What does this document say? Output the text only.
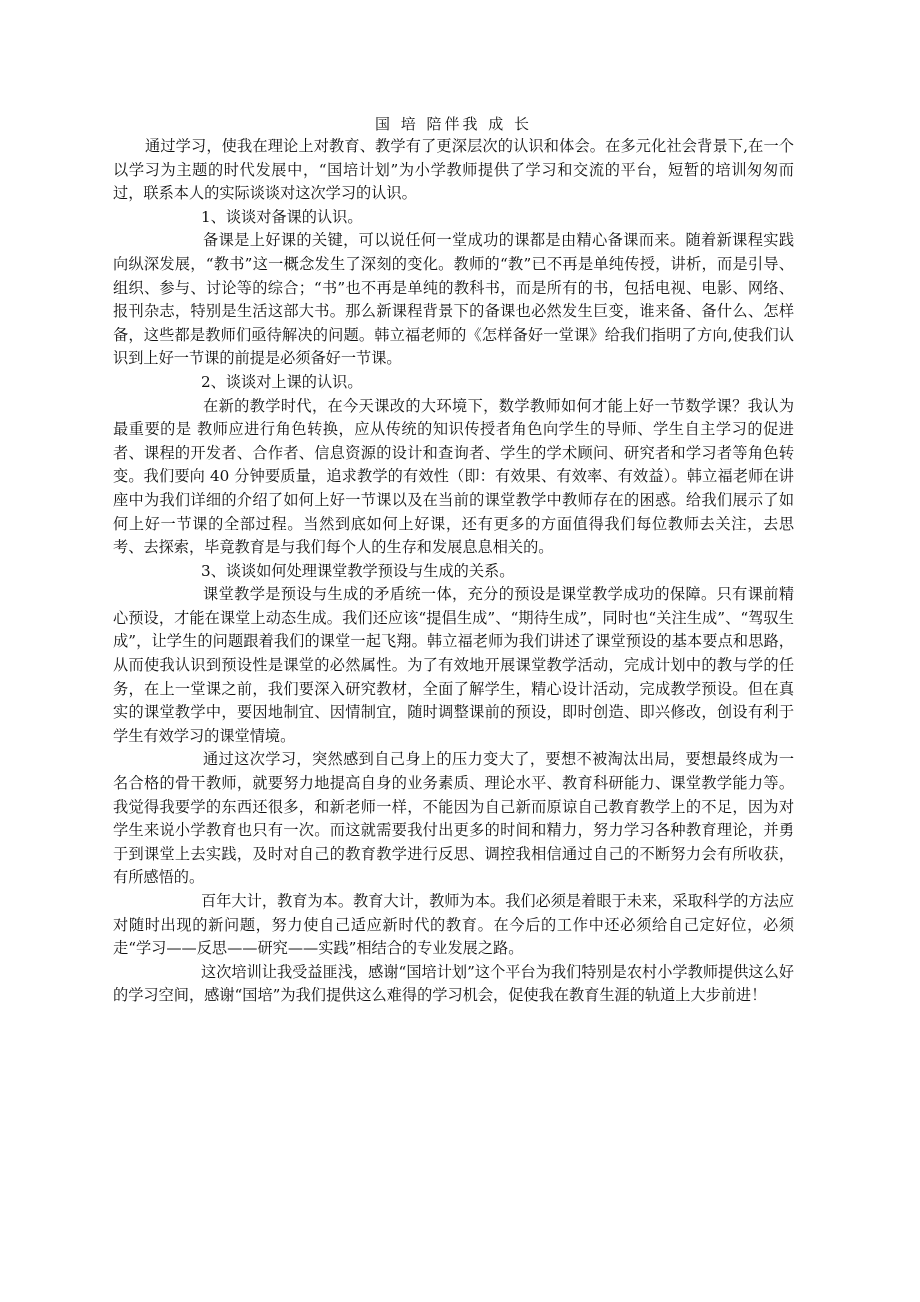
国 培 陪伴我 成 长

通过学习，使我在理论上对教育、教学有了更深层次的认识和体会。在多元化社会背景下,在一个以学习为主题的时代发展中，“国培计划”为小学教师提供了学习和交流的平台，短暂的培训匆匆而过，联系本人的实际谈谈对这次学习的认识。

1、谈谈对备课的认识。

备课是上好课的关键，可以说任何一堂成功的课都是由精心备课而来。随着新课程实践向纵深发展，“教书”这一概念发生了深刻的变化。教师的“教”已不再是单纯传授，讲析，而是引导、组织、参与、讨论等的综合；“书”也不再是单纯的教科书，而是所有的书，包括电视、电影、网络、报刊杂志，特别是生活这部大书。那么新课程背景下的备课也必然发生巨变，谁来备、备什么、怎样备，这些都是教师们亟待解决的问题。韩立福老师的《怎样备好一堂课》给我们指明了方向,使我们认识到上好一节课的前提是必须备好一节课。

2、谈谈对上课的认识。

在新的教学时代，在今天课改的大环境下，数学教师如何才能上好一节数学课？我认为最重要的是 教师应进行角色转换，应从传统的知识传授者角色向学生的导师、学生自主学习的促进者、课程的开发者、合作者、信息资源的设计和查询者、学生的学术顾问、研究者和学习者等角色转变。我们要向 40 分钟要质量，追求教学的有效性（即：有效果、有效率、有效益）。韩立福老师在讲座中为我们详细的介绍了如何上好一节课以及在当前的课堂教学中教师存在的困惑。给我们展示了如何上好一节课的全部过程。当然到底如何上好课，还有更多的方面值得我们每位教师去关注，去思考、去探索，毕竟教育是与我们每个人的生存和发展息息相关的。

3、谈谈如何处理课堂教学预设与生成的关系。

课堂教学是预设与生成的矛盾统一体，充分的预设是课堂教学成功的保障。只有课前精心预设，才能在课堂上动态生成。我们还应该“提倡生成”、“期待生成”，同时也“关注生成”、“驾驭生成”，让学生的问题跟着我们的课堂一起飞翔。韩立福老师为我们讲述了课堂预设的基本要点和思路，从而使我认识到预设性是课堂的必然属性。为了有效地开展课堂教学活动，完成计划中的教与学的任务，在上一堂课之前，我们要深入研究教材，全面了解学生，精心设计活动，完成教学预设。但在真实的课堂教学中，要因地制宜、因情制宜，随时调整课前的预设，即时创造、即兴修改，创设有利于学生有效学习的课堂情境。

通过这次学习，突然感到自己身上的压力变大了，要想不被淘汰出局，要想最终成为一名合格的骨干教师，就要努力地提高自身的业务素质、理论水平、教育科研能力、课堂教学能力等。我觉得我要学的东西还很多，和新老师一样，不能因为自己新而原谅自己教育教学上的不足，因为对学生来说小学教育也只有一次。而这就需要我付出更多的时间和精力，努力学习各种教育理论，并勇于到课堂上去实践，及时对自己的教育教学进行反思、调控我相信通过自己的不断努力会有所收获，有所感悟的。

百年大计，教育为本。教育大计，教师为本。我们必须是着眼于未来，采取科学的方法应对随时出现的新问题，努力使自己适应新时代的教育。在今后的工作中还必须给自己定好位，必须走“学习——反思——研究——实践”相结合的专业发展之路。

这次培训让我受益匪浅，感谢“国培计划”这个平台为我们特别是农村小学教师提供这么好的学习空间，感谢“国培”为我们提供这么难得的学习机会，促使我在教育生涯的轨道上大步前进！
